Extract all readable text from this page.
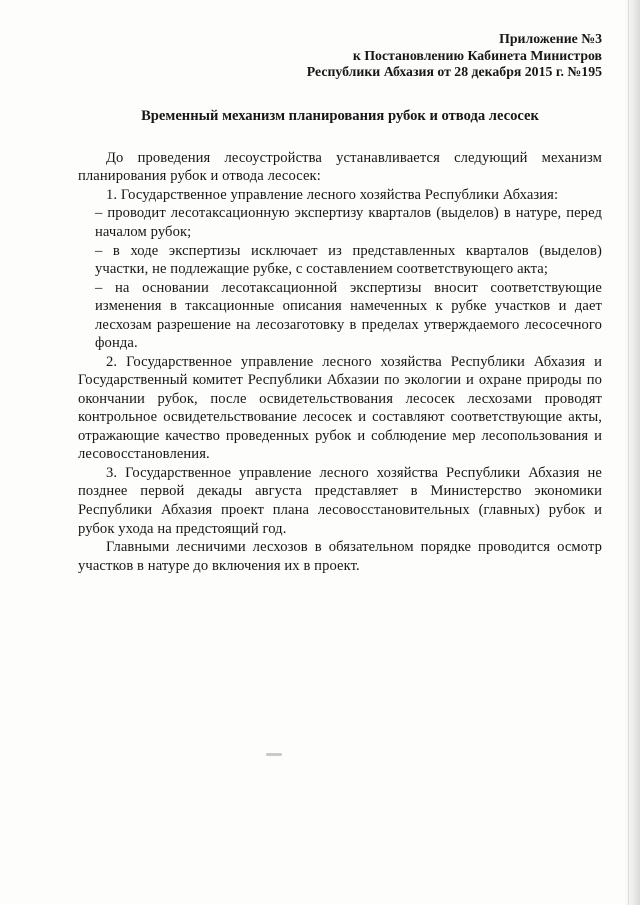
Приложение №3
к Постановлению Кабинета Министров
Республики Абхазия от 28 декабря 2015 г. №195
Временный механизм планирования рубок и отвода лесосек

До проведения лесоустройства устанавливается следующий механизм планирования рубок и отвода лесосек:

1. Государственное управление лесного хозяйства Республики Абхазия:

– проводит лесотаксационную экспертизу кварталов (выделов) в натуре, перед началом рубок;

– в ходе экспертизы исключает из представленных кварталов (выделов) участки, не подлежащие рубке, с составлением соответствующего акта;

– на основании лесотаксационной экспертизы вносит соответствующие изменения в таксационные описания намеченных к рубке участков и дает лесхозам разрешение на лесозаготовку в пределах утверждаемого лесосечного фонда.

2. Государственное управление лесного хозяйства Республики Абхазия и Государственный комитет Республики Абхазии по экологии и охране природы по окончании рубок, после освидетельствования лесосек лесхозами проводят контрольное освидетельствование лесосек и составляют соответствующие акты, отражающие качество проведенных рубок и соблюдение мер лесопользования и лесовосстановления.

3. Государственное управление лесного хозяйства Республики Абхазия не позднее первой декады августа представляет в Министерство экономики Республики Абхазия проект плана лесовосстановительных (главных) рубок и рубок ухода на предстоящий год.

Главными лесничими лесхозов в обязательном порядке проводится осмотр участков в натуре до включения их в проект.
